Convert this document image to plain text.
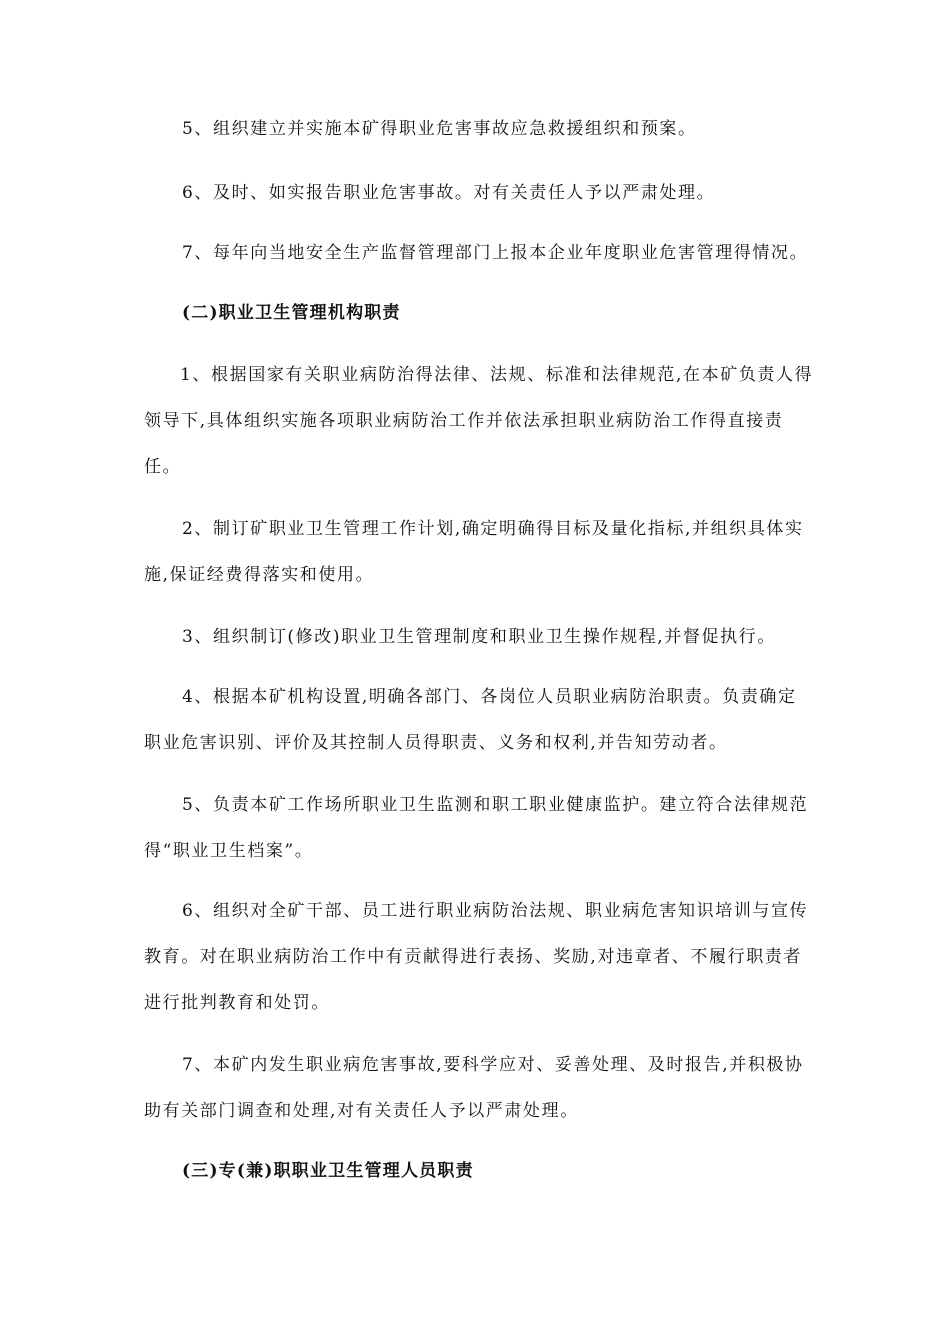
5、组织建立并实施本矿得职业危害事故应急救援组织和预案。

6、及时、如实报告职业危害事故。对有关责任人予以严肃处理。

7、每年向当地安全生产监督管理部门上报本企业年度职业危害管理得情况。

(二)职业卫生管理机构职责

1、根据国家有关职业病防治得法律、法规、标准和法律规范,在本矿负责人得领导下,具体组织实施各项职业病防治工作并依法承担职业病防治工作得直接责任。

2、制订矿职业卫生管理工作计划,确定明确得目标及量化指标,并组织具体实施,保证经费得落实和使用。

3、组织制订(修改)职业卫生管理制度和职业卫生操作规程,并督促执行。

4、根据本矿机构设置,明确各部门、各岗位人员职业病防治职责。负责确定职业危害识别、评价及其控制人员得职责、义务和权利,并告知劳动者。

5、负责本矿工作场所职业卫生监测和职工职业健康监护。建立符合法律规范得“职业卫生档案”。

6、组织对全矿干部、员工进行职业病防治法规、职业病危害知识培训与宣传教育。对在职业病防治工作中有贡献得进行表扬、奖励,对违章者、不履行职责者进行批判教育和处罚。

7、本矿内发生职业病危害事故,要科学应对、妥善处理、及时报告,并积极协助有关部门调查和处理,对有关责任人予以严肃处理。

(三)专(兼)职职业卫生管理人员职责
